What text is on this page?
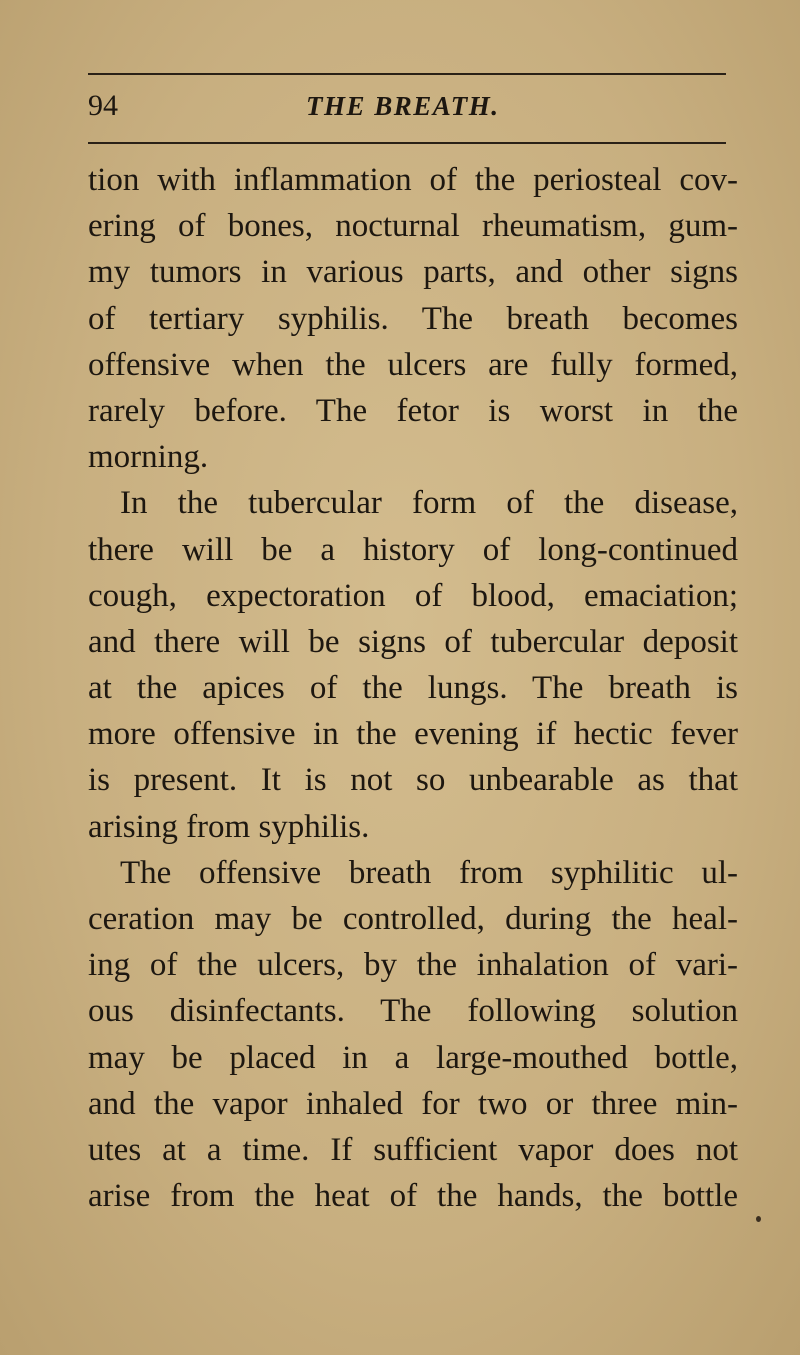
94	THE BREATH.
tion with inflammation of the periosteal cov-
ering of bones, nocturnal rheumatism, gum-
my tumors in various parts, and other signs
of tertiary syphilis. The breath becomes
offensive when the ulcers are fully formed,
rarely before. The fetor is worst in the
morning.
In the tubercular form of the disease,
there will be a history of long-continued
cough, expectoration of blood, emaciation;
and there will be signs of tubercular deposit
at the apices of the lungs. The breath is
more offensive in the evening if hectic fever
is present. It is not so unbearable as that
arising from syphilis.
The offensive breath from syphilitic ul-
ceration may be controlled, during the heal-
ing of the ulcers, by the inhalation of vari-
ous disinfectants. The following solution
may be placed in a large-mouthed bottle,
and the vapor inhaled for two or three min-
utes at a time. If sufficient vapor does not
arise from the heat of the hands, the bottle
